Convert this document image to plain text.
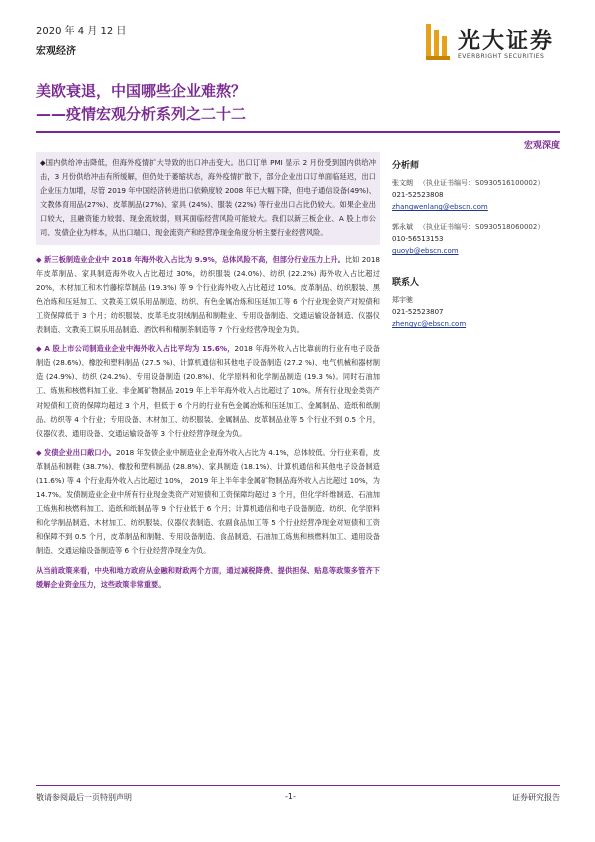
2020 年 4 月 12 日
宏观经济	光大证券
EVERBRIGHT SECURITIES
美欧衰退，中国哪些企业难熬？
——疫情宏观分析系列之二十二
宏观深度

◆国内供给冲击降低，但海外疫情扩大导致的出口冲击变大。出口订单 PMI 显示 2 月份受到国内供给冲击，3 月份供给冲击有所缓解，但仍处于萎缩状态，海外疫情扩散下，部分企业出口订单面临延迟，出口企业压力加增，尽管 2019 年中国经济转进出口依赖度较 2008 年已大幅下降，但电子通信设备(49%)、文教体育用品(27%)、皮革制品(27%)、家具 (24%)、服装 (22%) 等行业出口占比仍较大。如果企业出口较大，且融资能力较弱、现金流较弱，则其面临经营风险可能较大。我们以新三板企业、A 股上市公司、发债企业为样本，从出口端口、现金流资产和经营净现金角度分析主要行业经营风险。

◆ 新三板制造业企业中 2018 年海外收入占比为 9.9%，总体风险不高，但部分行业压力上升。比如 2018 年皮革制品、家具制造海外收入占比超过 30%，纺织服装 (24.0%)、纺织 (22.2%) 海外收入占比超过 20%，木材加工和木竹藤棕草制品 (19.3%) 等 9 个行业海外收入占比超过 10%。皮革制品、纺织服装、黑色冶炼和压延加工、文教美工娱乐用品制造、纺织、有色金属冶炼和压延加工等 6 个行业现金资产对短债和工资保障低于 3 个月；纺织服装、皮革毛皮羽绒制品和制鞋业、专用设备制造、交通运输设备制造、仪器仪表制造、文教美工娱乐用品制造、酒饮料和精制茶制造等 7 个行业经营净现金为负。

◆ A 股上市公司制造业企业中海外收入占比平均为 15.6%，2018 年海外收入占比靠前的行业有电子设备制造 (28.6%)、橡胶和塑料制品 (27.5 %)、计算机通信和其他电子设备制造 (27.2 %)、电气机械和器材制造 (24.9%)、纺织 (24.2%)、专用设备制造 (20.8%)、化学原料和化学制品制造 (19.3 %)。同时石油加工、炼焦和核燃料加工业、非金属矿物制品 2019 年上半年海外收入占比超过了 10%。所有行业现金类资产对短债和工资的保障均超过 3 个月，但低于 6 个月的行业有色金属冶炼和压延加工、金属制品、造纸和纸制品、纺织等 4 个行业；专用设备、木材加工、纺织服装、金属制品、皮革制品业等 5 个行业不到 0.5 个月，仪器仪表、通用设备、交通运输设备等 3 个行业经营净现金为负。

◆ 发债企业出口敞口小。2018 年发债企业中制造业企业海外收入占比为 4.1%，总体较低。分行业来看，皮革制品和制鞋 (38.7%)、橡胶和塑料制品 (28.8%)、家具制造 (18.1%)、计算机通信和其他电子设备制造 (11.6%) 等 4 个行业海外收入占比超过 10%， 2019 年上半年非金属矿物制品海外收入占比超过 10%，为 14.7%。发债制造业企业中所有行业现金类资产对短债和工资保障均超过 3 个月，但化学纤维制造、石油加工炼焦和核燃料加工、造纸和纸制品等 9 个行业低于 6 个月；计算机通信和电子设备制造、纺织、化学原料和化学制品制造、木材加工、纺织服装、仪器仪表制造、农副食品加工等 5 个行业经营净现金对短债和工资和保障不到 0.5 个月，皮革制品和制鞋、专用设备制造、食品制造、石油加工炼焦和核燃料加工、通用设备制造、交通运输设备制造等 6 个行业经营净现金为负。

从当前政策来看，中央和地方政府从金融和财政两个方面，通过减税降费、提供担保、贴息等政策多管齐下缓解企业资金压力，这些政策非常重要。

分析师
张文朗 （执业证书编号：S0930516100002）
021-52523808
zhangwenlang@ebscn.com
郭永斌 （执业证书编号：S0930518060002）
010-56513153
guoyb@ebscn.com
联系人
郑宇驰
021-52523807
zhengyc@ebscn.com
敬请参阅最后一页特别声明	-1-	证券研究报告
